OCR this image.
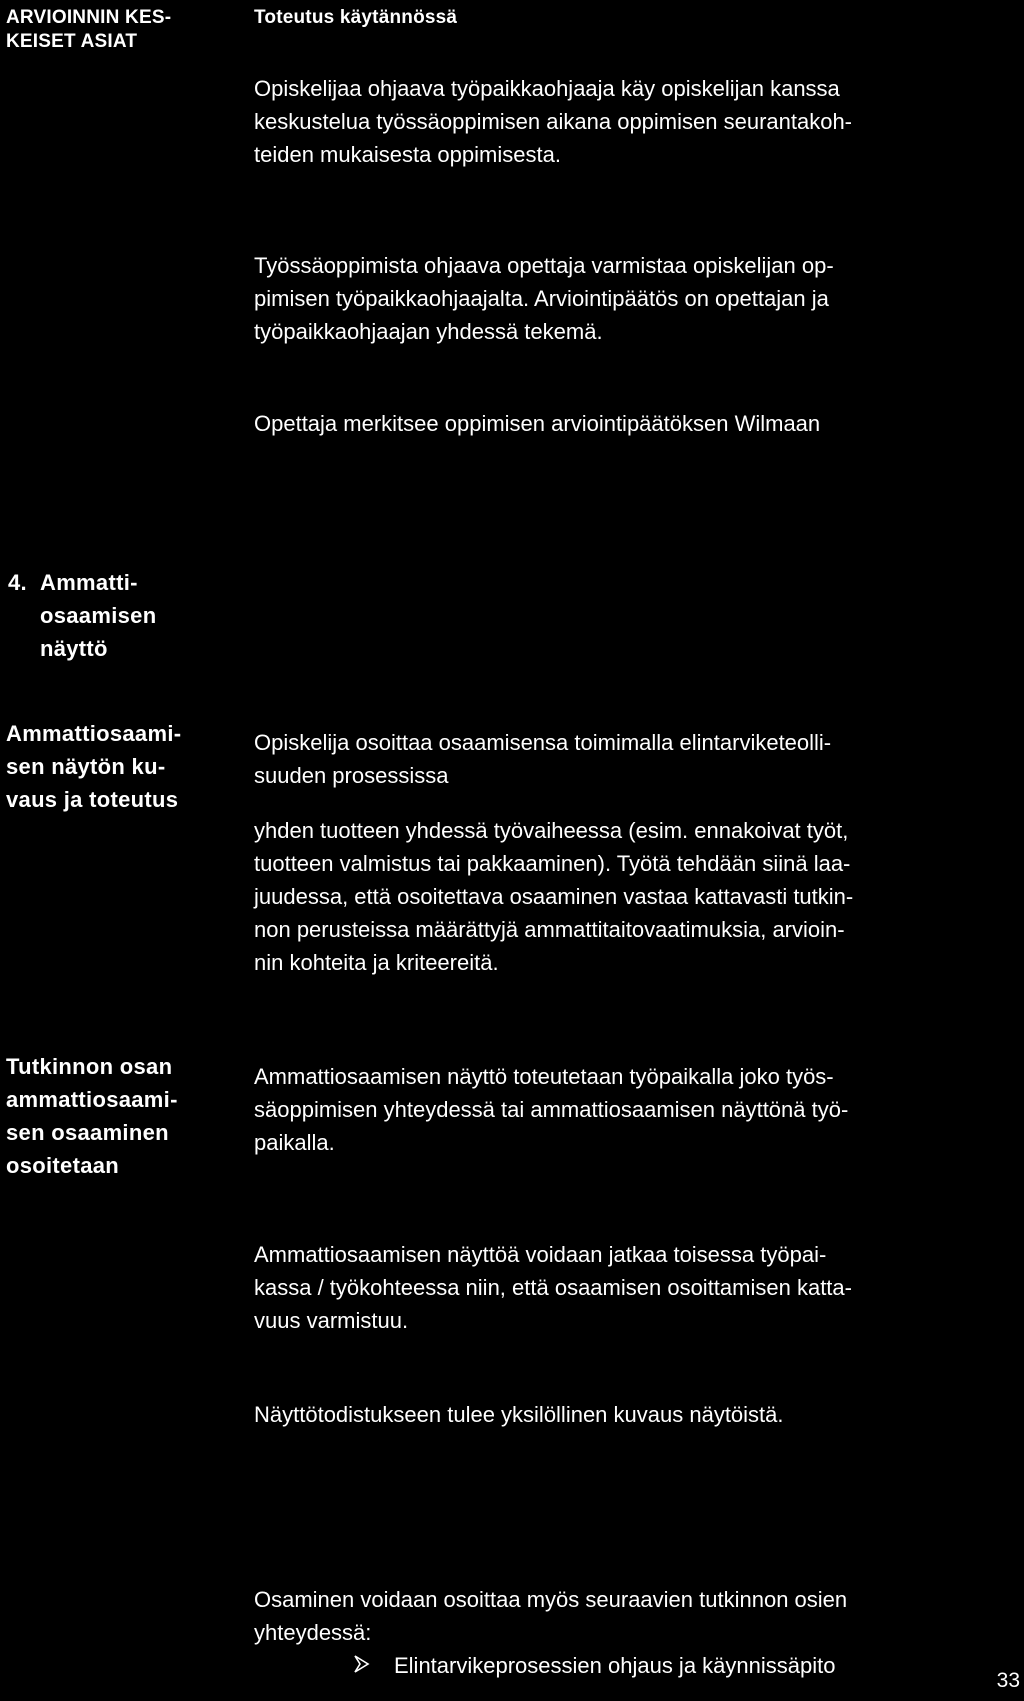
ARVIOINNIN KES-
KEISET ASIAT
Toteutus käytännössä
Opiskelijaa ohjaava työpaikkaohjaaja käy opiskelijan kanssa
keskustelua työssäoppimisen aikana oppimisen seurantakoh-
teiden mukaisesta oppimisesta.
Työssäoppimista ohjaava opettaja varmistaa opiskelijan op-
pimisen työpaikkaohjaajalta. Arviointipäätös on opettajan ja
työpaikkaohjaajan yhdessä tekemä.
Opettaja merkitsee oppimisen arviointipäätöksen Wilmaan
4. Ammatti-
osaamisen
näyttö
Ammattiosaami-
sen näytön ku-
vaus ja toteutus
Opiskelija osoittaa osaamisensa toimimalla elintarviketeolli-
suuden prosessissa
yhden tuotteen yhdessä työvaiheessa (esim. ennakoivat työt,
tuotteen valmistus tai pakkaaminen). Työtä tehdään siinä laa-
juudessa, että osoitettava osaaminen vastaa kattavasti tutkin-
non perusteissa määrättyjä ammattitaitovaatimuksia, arvioin-
nin kohteita ja kriteereitä.
Tutkinnon osan
ammattiosaami-
sen osaaminen
osoitetaan
Ammattiosaamisen näyttö toteutetaan työpaikalla joko työs-
säoppimisen yhteydessä tai ammattiosaamisen näyttönä työ-
paikalla.
Ammattiosaamisen näyttöä voidaan jatkaa toisessa työpai-
kassa / työkohteessa niin, että osaamisen osoittamisen katta-
vuus varmistuu.
Näyttötodistukseen tulee yksilöllinen kuvaus näytöistä.
Osaminen voidaan osoittaa myös seuraavien tutkinnon osien
yhteydessä:
Elintarvikeprosessien ohjaus ja käynnissäpito
33
